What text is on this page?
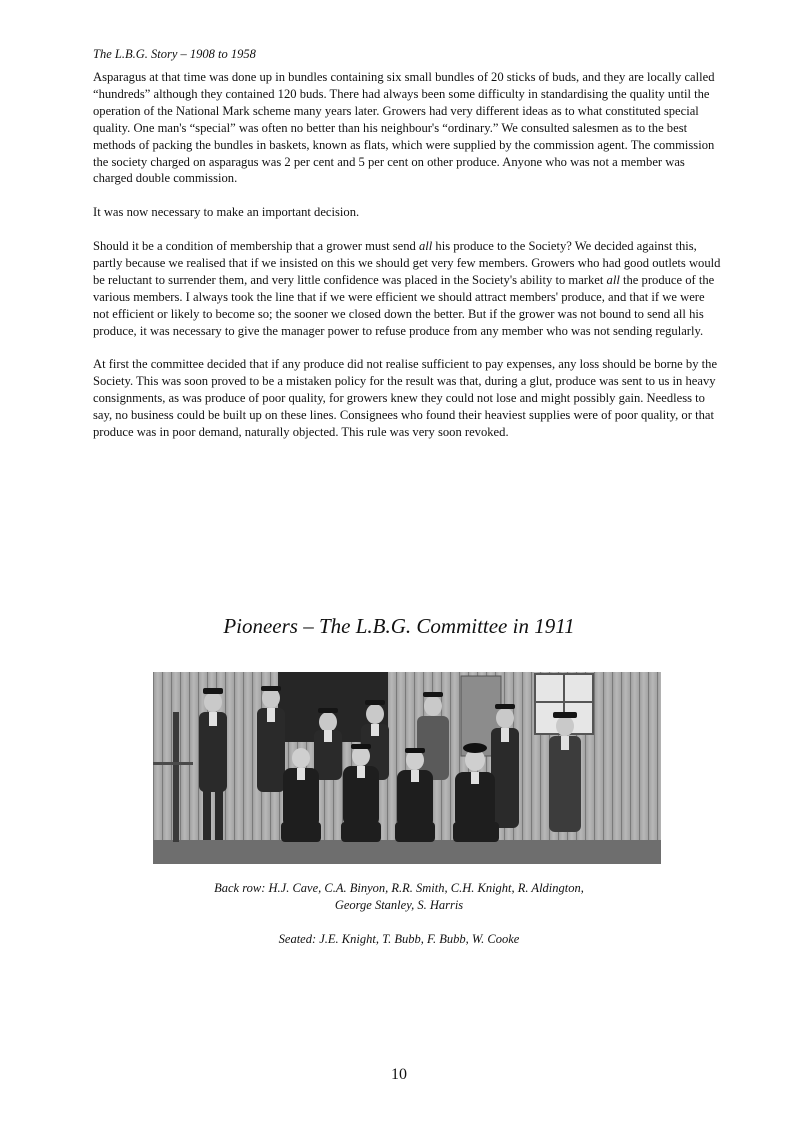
The L.B.G. Story – 1908 to 1958

Asparagus at that time was done up in bundles containing six small bundles of 20 sticks of buds, and they are locally called “hundreds” although they contained 120 buds. There had always been some difficulty in standardising the quality until the operation of the National Mark scheme many years later. Growers had very different ideas as to what constituted special quality. One man's “special” was often no better than his neighbour's “ordinary.” We consulted salesmen as to the best methods of packing the bundles in baskets, known as flats, which were supplied by the commission agent. The commission the society charged on asparagus was 2 per cent and 5 per cent on other produce. Anyone who was not a member was charged double commission.

It was now necessary to make an important decision.

Should it be a condition of membership that a grower must send all his produce to the Society? We decided against this, partly because we realised that if we insisted on this we should get very few members. Growers who had good outlets would be reluctant to surrender them, and very little confidence was placed in the Society's ability to market all the produce of the various members. I always took the line that if we were efficient we should attract members' produce, and that if we were not efficient or likely to become so; the sooner we closed down the better. But if the grower was not bound to send all his produce, it was necessary to give the manager power to refuse produce from any member who was not sending regularly.

At first the committee decided that if any produce did not realise sufficient to pay expenses, any loss should be borne by the Society. This was soon proved to be a mistaken policy for the result was that, during a glut, produce was sent to us in heavy consignments, as was produce of poor quality, for growers knew they could not lose and might possibly gain. Needless to say, no business could be built up on these lines. Consignees who found their heaviest supplies were of poor quality, or that produce was in poor demand, naturally objected. This rule was very soon revoked.

Pioneers – The L.B.G. Committee in 1911
Back row: H.J. Cave, C.A. Binyon, R.R. Smith, C.H. Knight, R. Aldington,
George Stanley, S. Harris
Seated: J.E. Knight, T. Bubb, F. Bubb, W. Cooke
10
